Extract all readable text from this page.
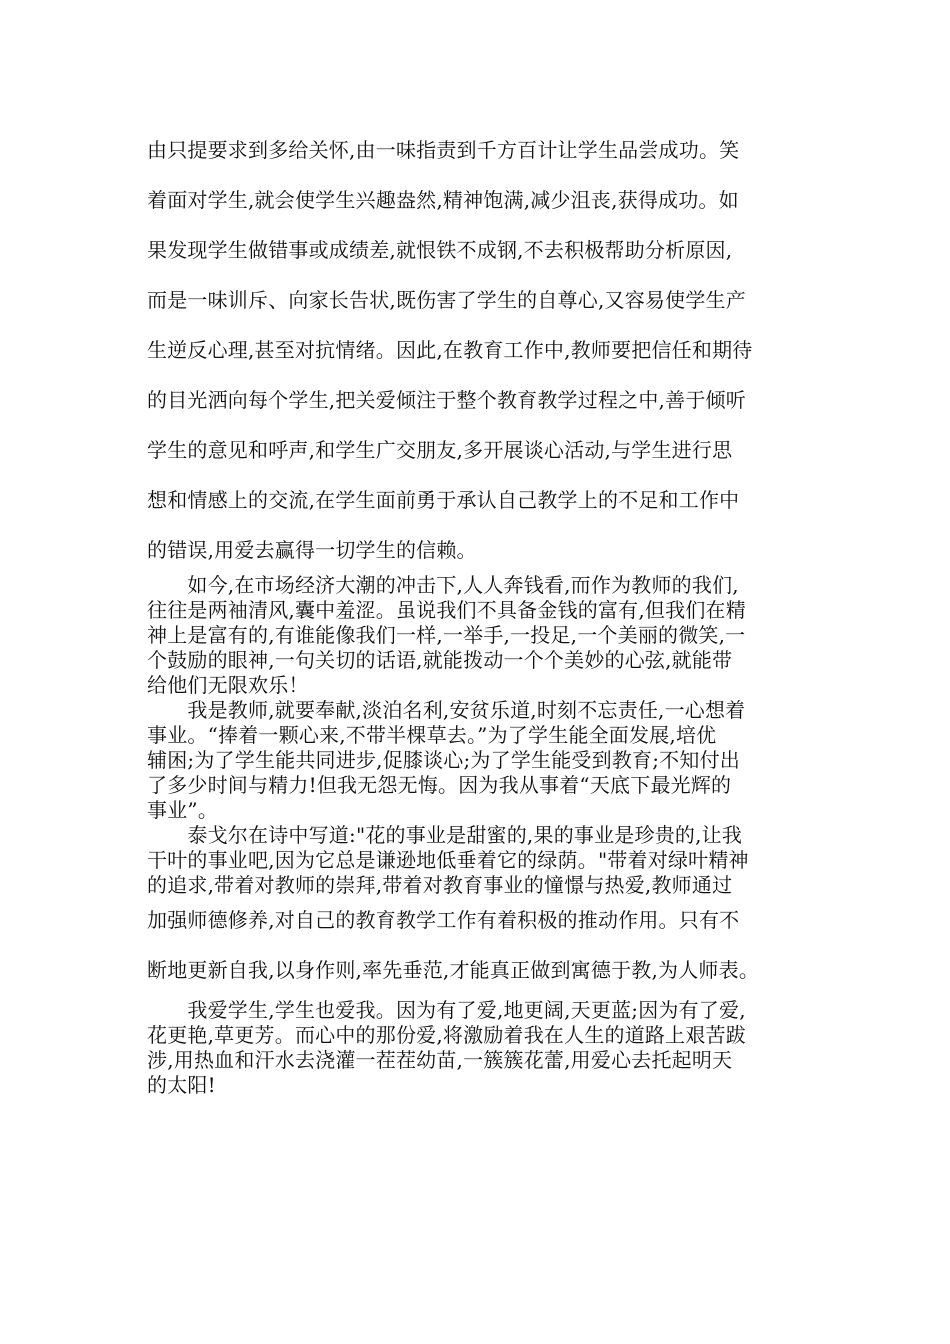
由只提要求到多给关怀,由一味指责到千方百计让学生品尝成功。笑
着面对学生,就会使学生兴趣盎然,精神饱满,减少沮丧,获得成功。如
果发现学生做错事或成绩差,就恨铁不成钢,不去积极帮助分析原因,
而是一味训斥、向家长告状,既伤害了学生的自尊心,又容易使学生产
生逆反心理,甚至对抗情绪。因此,在教育工作中,教师要把信任和期待
的目光洒向每个学生,把关爱倾注于整个教育教学过程之中,善于倾听
学生的意见和呼声,和学生广交朋友,多开展谈心活动,与学生进行思
想和情感上的交流,在学生面前勇于承认自己教学上的不足和工作中
的错误,用爱去赢得一切学生的信赖。
　　如今,在市场经济大潮的冲击下,人人奔钱看,而作为教师的我们,
往往是两袖清风,囊中羞涩。虽说我们不具备金钱的富有,但我们在精
神上是富有的,有谁能像我们一样,一举手,一投足,一个美丽的微笑,一
个鼓励的眼神,一句关切的话语,就能拨动一个个美妙的心弦,就能带
给他们无限欢乐！
　　我是教师,就要奉献,淡泊名利,安贫乐道,时刻不忘责任,一心想着
事业。“捧着一颗心来,不带半棵草去。”为了学生能全面发展,培优
辅困;为了学生能共同进步,促膝谈心;为了学生能受到教育;不知付出
了多少时间与精力!但我无怨无悔。因为我从事着“天底下最光辉的
事业”。
　　泰戈尔在诗中写道:"花的事业是甜蜜的,果的事业是珍贵的,让我
干叶的事业吧,因为它总是谦逊地低垂着它的绿荫。"带着对绿叶精神
的追求,带着对教师的崇拜,带着对教育事业的憧憬与热爱,教师通过
加强师德修养,对自己的教育教学工作有着积极的推动作用。只有不
断地更新自我,以身作则,率先垂范,才能真正做到寓德于教,为人师表。
　　我爱学生,学生也爱我。因为有了爱,地更阔,天更蓝;因为有了爱,
花更艳,草更芳。而心中的那份爱,将激励着我在人生的道路上艰苦跋
涉,用热血和汗水去浇灌一茬茬幼苗,一簇簇花蕾,用爱心去托起明天
的太阳!
